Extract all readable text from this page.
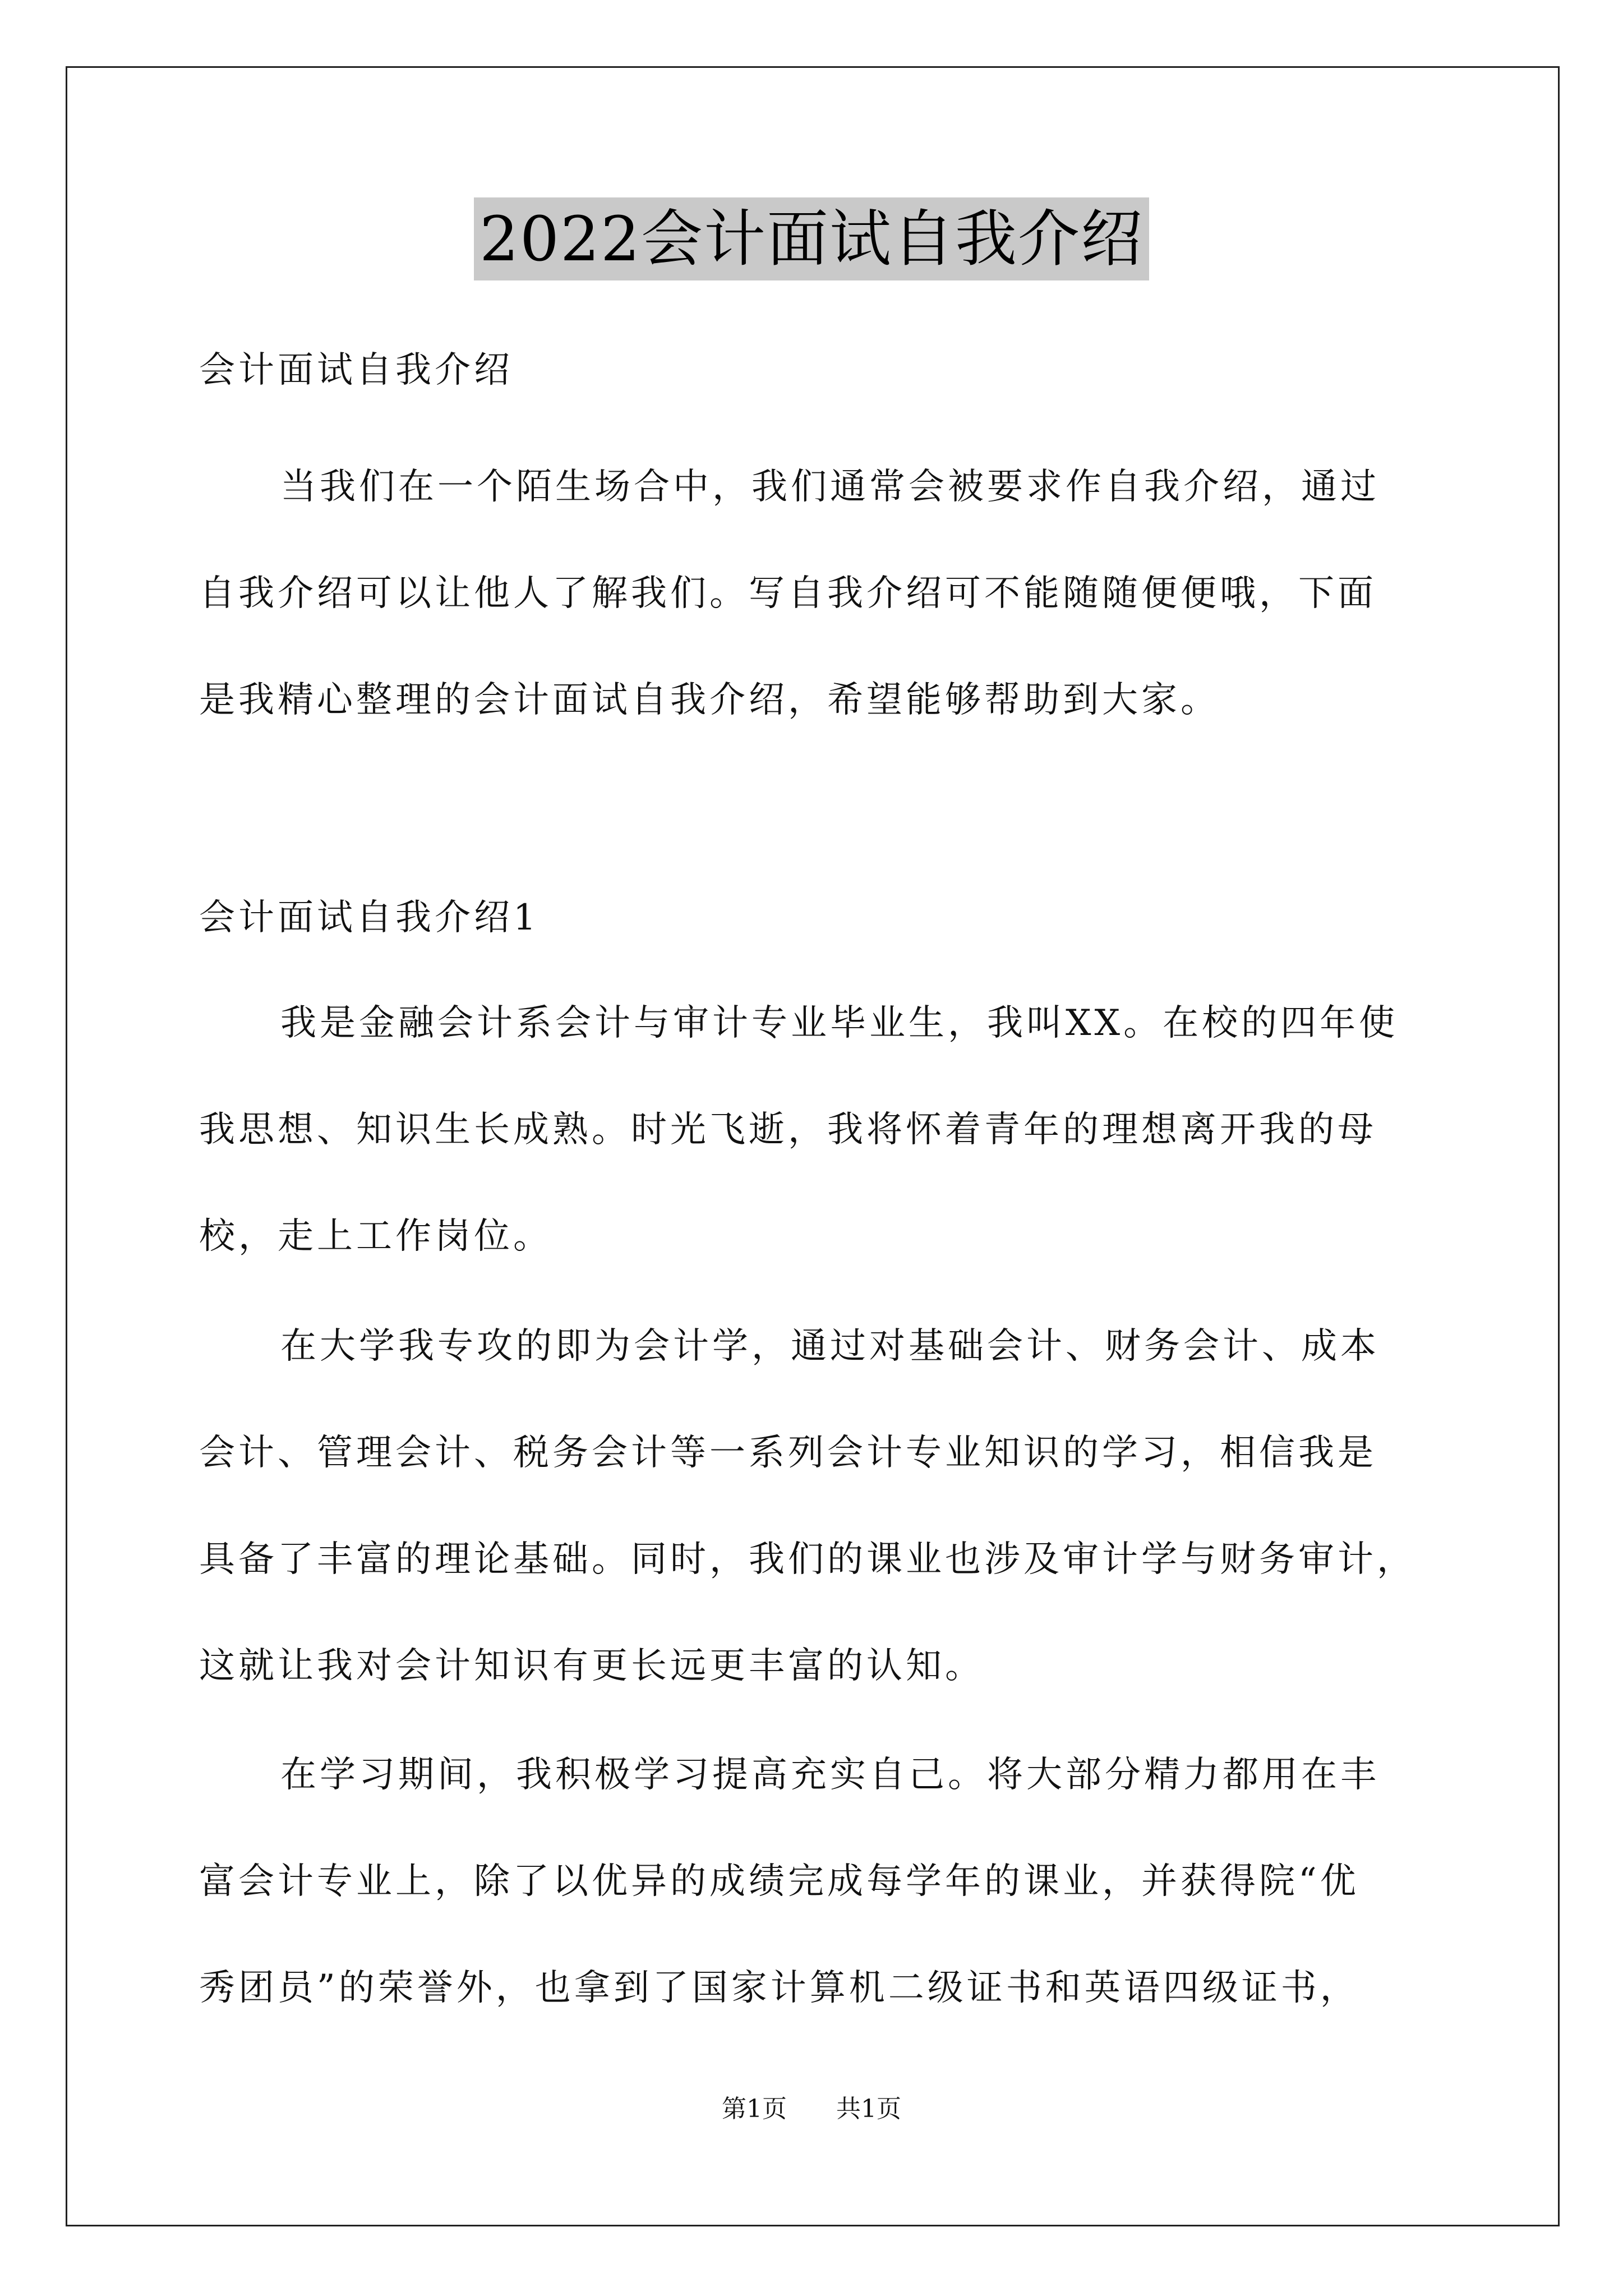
2022会计面试自我介绍
会计面试自我介绍
当我们在一个陌生场合中，我们通常会被要求作自我介绍，通过
自我介绍可以让他人了解我们。写自我介绍可不能随随便便哦，下面
是我精心整理的会计面试自我介绍，希望能够帮助到大家。
会计面试自我介绍1
我是金融会计系会计与审计专业毕业生，我叫XX。在校的四年使
我思想、知识生长成熟。时光飞逝，我将怀着青年的理想离开我的母
校，走上工作岗位。
在大学我专攻的即为会计学，通过对基础会计、财务会计、成本
会计、管理会计、税务会计等一系列会计专业知识的学习，相信我是
具备了丰富的理论基础。同时，我们的课业也涉及审计学与财务审计，
这就让我对会计知识有更长远更丰富的认知。
在学习期间，我积极学习提高充实自己。将大部分精力都用在丰
富会计专业上，除了以优异的成绩完成每学年的课业，并获得院“优
秀团员”的荣誉外，也拿到了国家计算机二级证书和英语四级证书，
第1页 共1页
